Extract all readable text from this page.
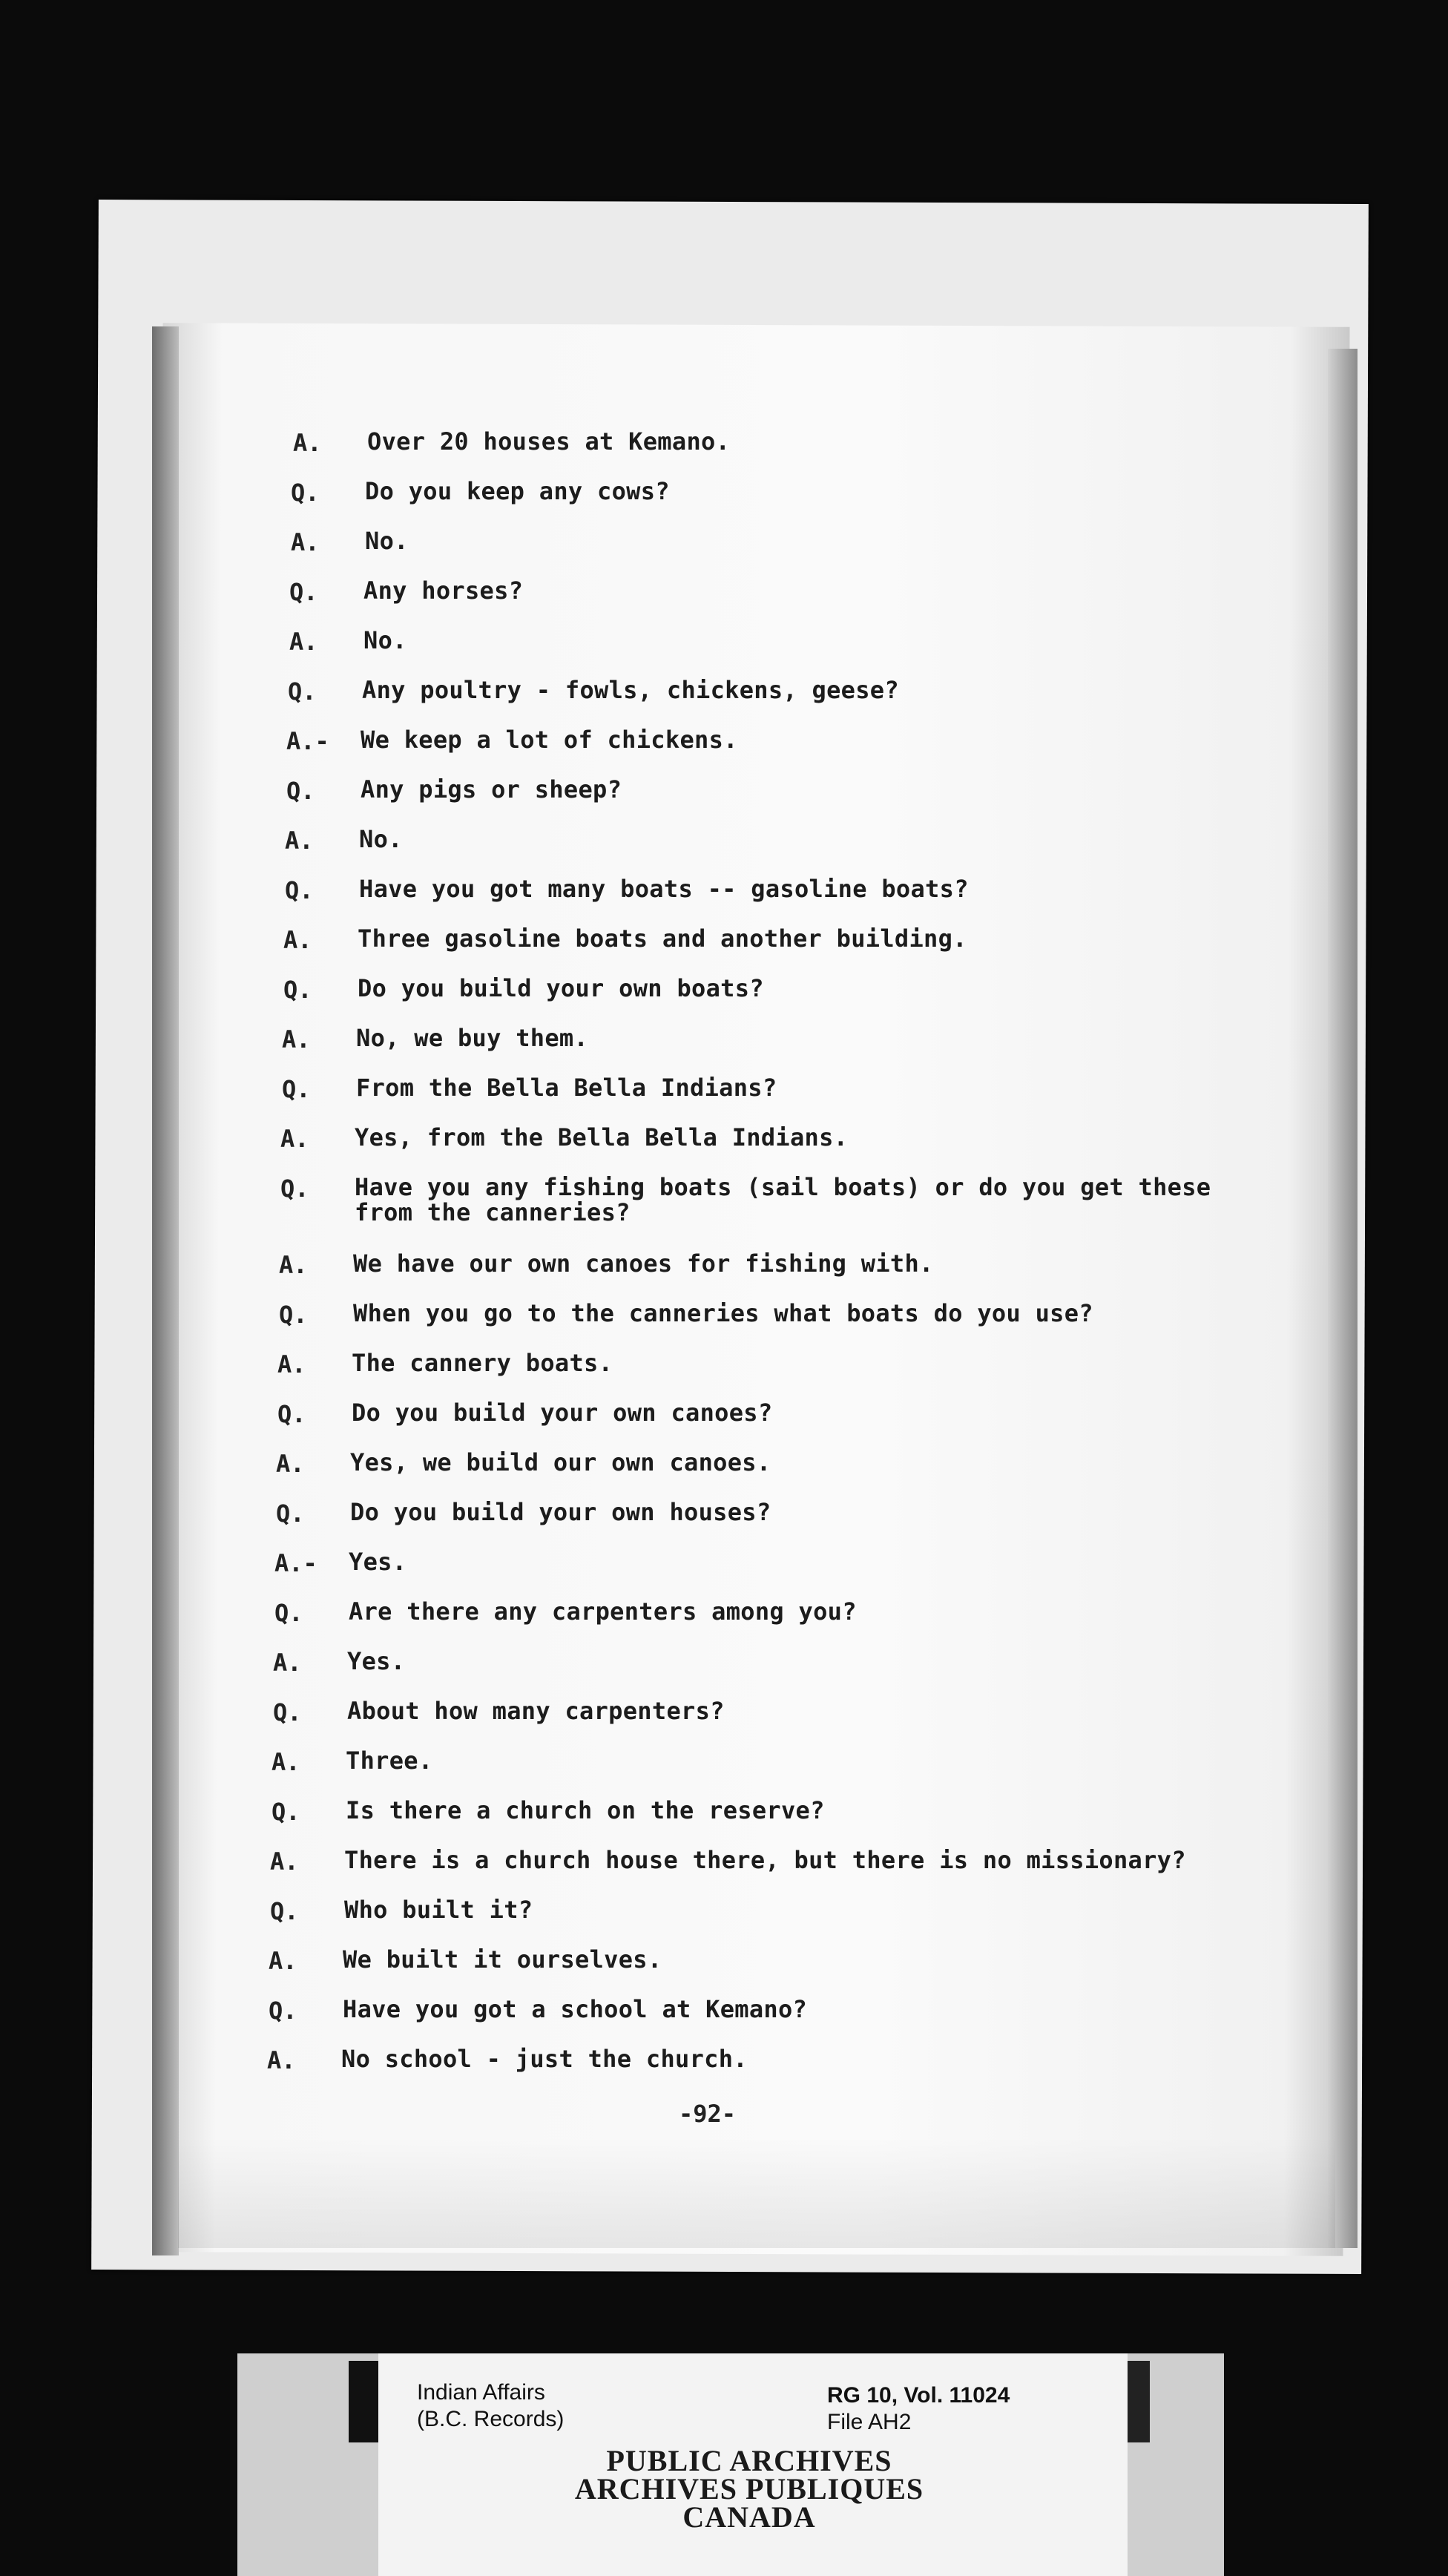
A.	Over 20 houses at Kemano.
Q.	Do you keep any cows?
A.	No.
Q.	Any horses?
A.	No.
Q.	Any poultry - fowls, chickens, geese?
A.-	We keep a lot of chickens.
Q.	Any pigs or sheep?
A.	No.
Q.	Have you got many boats -- gasoline boats?
A.	Three gasoline boats and another building.
Q.	Do you build your own boats?
A.	No, we buy them.
Q.	From the Bella Bella Indians?
A.	Yes, from the Bella Bella Indians.
Q.	Have you any fishing boats (sail boats) or do you get these
from the canneries?
A.	We have our own canoes for fishing with.
Q.	When you go to the canneries what boats do you use?
A.	The cannery boats.
Q.	Do you build your own canoes?
A.	Yes, we build our own canoes.
Q.	Do you build your own houses?
A.-	Yes.
Q.	Are there any carpenters among you?
A.	Yes.
Q.	About how many carpenters?
A.	Three.
Q.	Is there a church on the reserve?
A.	There is a church house there, but there is no missionary?
Q.	Who built it?
A.	We built it ourselves.
Q.	Have you got a school at Kemano?
A.	No school - just the church.
-92-
Indian Affairs
(B.C. Records)
RG 10, Vol. 11024
File AH2
PUBLIC ARCHIVES
ARCHIVES PUBLIQUES
CANADA
